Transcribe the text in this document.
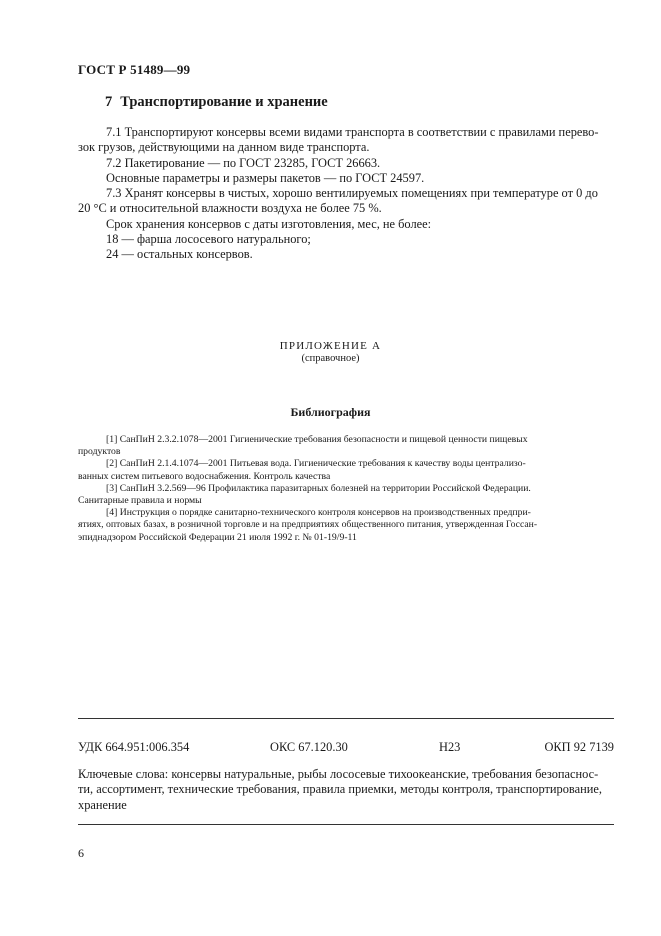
ГОСТ Р 51489—99
7 Транспортирование и хранение
7.1 Транспортируют консервы всеми видами транспорта в соответствии с правилами перево-
зок грузов, действующими на данном виде транспорта.
7.2 Пакетирование — по ГОСТ 23285, ГОСТ 26663.
Основные параметры и размеры пакетов — по ГОСТ 24597.
7.3 Хранят консервы в чистых, хорошо вентилируемых помещениях при температуре от 0 до
20 °С и относительной влажности воздуха не более 75 %.
Срок хранения консервов с даты изготовления, мес, не более:
18 — фарша лососевого натурального;
24 — остальных консервов.
ПРИЛОЖЕНИЕ А
(справочное)
Библиография
[1] СанПиН 2.3.2.1078—2001 Гигиенические требования безопасности и пищевой ценности пищевых
продуктов
[2] СанПиН 2.1.4.1074—2001 Питьевая вода. Гигиенические требования к качеству воды централизо-
ванных систем питьевого водоснабжения. Контроль качества
[3] СанПиН 3.2.569—96 Профилактика паразитарных болезней на территории Российской Федерации.
Санитарные правила и нормы
[4] Инструкция о порядке санитарно-технического контроля консервов на производственных предпри-
ятиях, оптовых базах, в розничной торговле и на предприятиях общественного питания, утвержденная Госсан-
эпиднадзором Российской Федерации 21 июля 1992 г. № 01-19/9-11
УДК 664.951:006.354	ОКС 67.120.30	Н23	ОКП 92 7139
Ключевые слова: консервы натуральные, рыбы лососевые тихоокеанские, требования безопаснос-
ти, ассортимент, технические требования, правила приемки, методы контроля, транспортирование,
хранение
6
